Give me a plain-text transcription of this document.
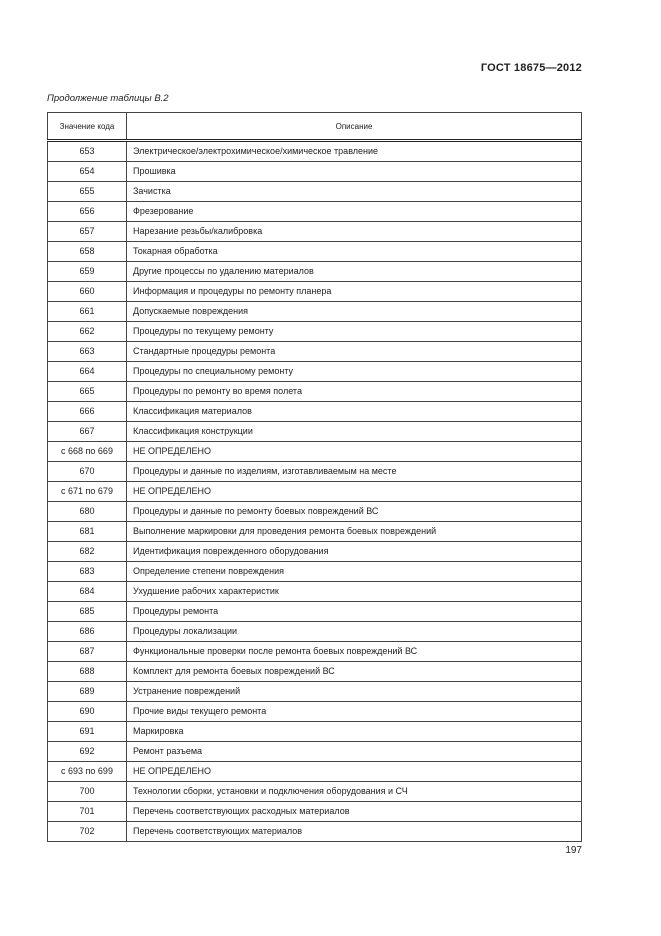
ГОСТ 18675—2012
Продолжение таблицы В.2
Значение кода	Описание
653	Электрическое/электрохимическое/химическое травление
654	Прошивка
655	Зачистка
656	Фрезерование
657	Нарезание резьбы/калибровка
658	Токарная обработка
659	Другие процессы по удалению материалов
660	Информация и процедуры по ремонту планера
661	Допускаемые повреждения
662	Процедуры по текущему ремонту
663	Стандартные процедуры ремонта
664	Процедуры по специальному ремонту
665	Процедуры по ремонту во время полета
666	Классификация материалов
667	Классификация конструкции
с 668 по 669	НЕ ОПРЕДЕЛЕНО
670	Процедуры и данные по изделиям, изготавливаемым на месте
с 671 по 679	НЕ ОПРЕДЕЛЕНО
680	Процедуры и данные по ремонту боевых повреждений ВС
681	Выполнение маркировки для проведения ремонта боевых повреждений
682	Идентификация поврежденного оборудования
683	Определение степени повреждения
684	Ухудшение рабочих характеристик
685	Процедуры ремонта
686	Процедуры локализации
687	Функциональные проверки после ремонта боевых повреждений ВС
688	Комплект для ремонта боевых повреждений ВС
689	Устранение повреждений
690	Прочие виды текущего ремонта
691	Маркировка
692	Ремонт разъема
с 693 по 699	НЕ ОПРЕДЕЛЕНО
700	Технологии сборки, установки и подключения оборудования и СЧ
701	Перечень соответствующих расходных материалов
702	Перечень соответствующих материалов
197
